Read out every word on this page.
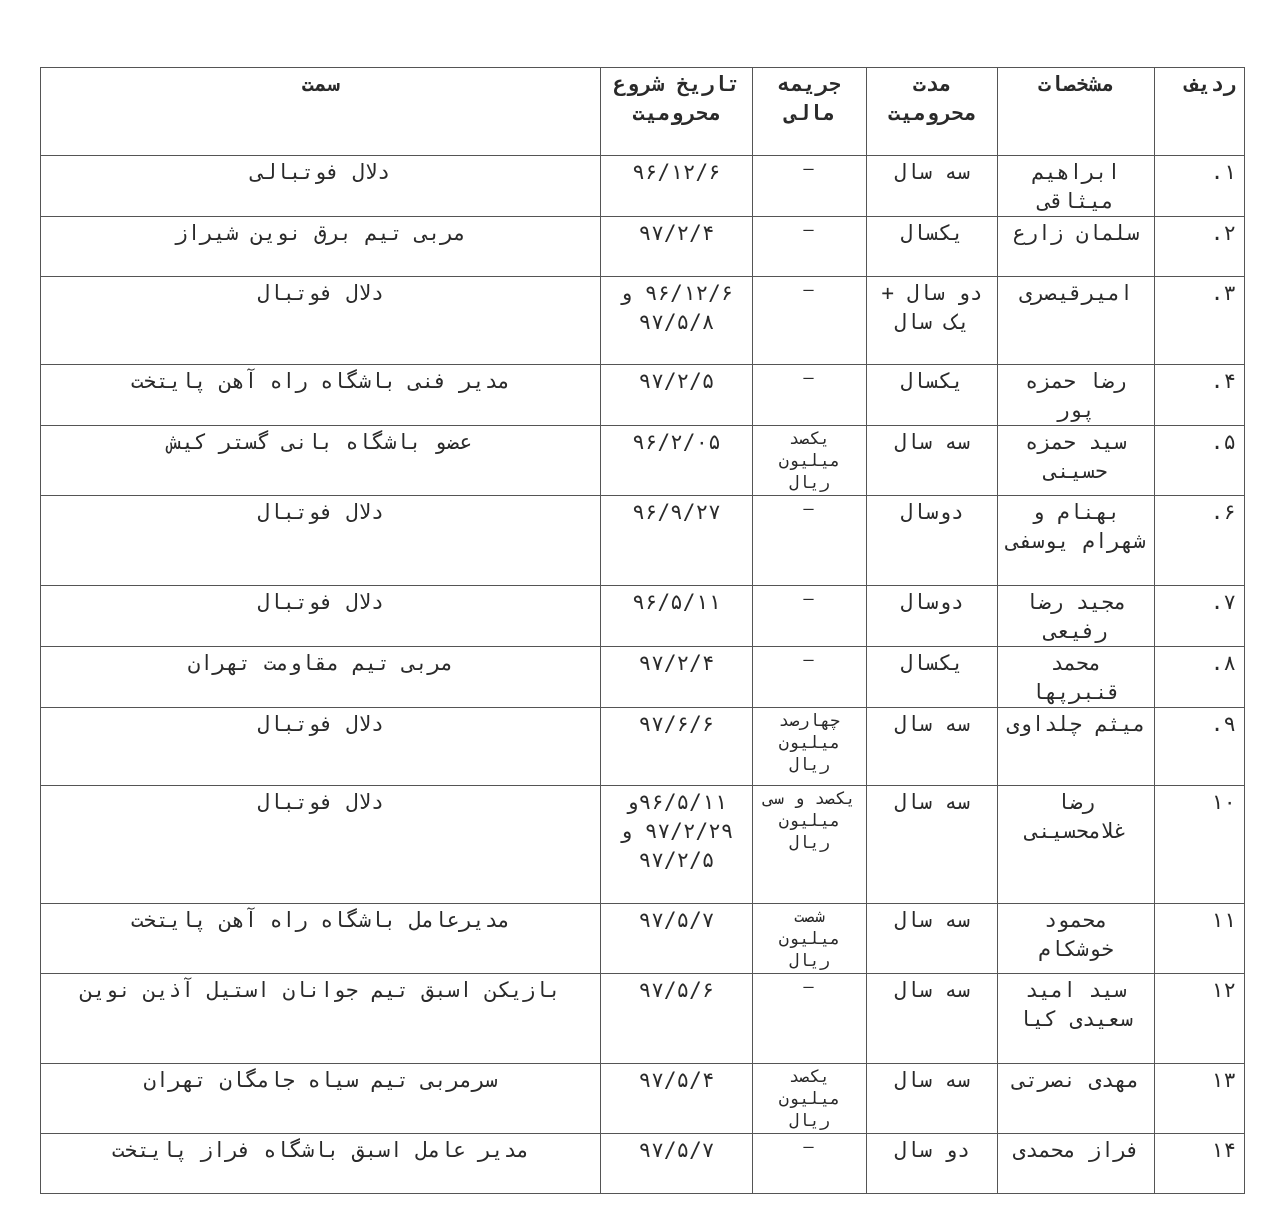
ردیف	مشخصات	مدت محرومیت	جریمه مالی	تاریخ شروع محرومیت	سمت
۱.	ابراهیم میثاقی	سه سال	–	۹۶/۱۲/۶	دلال فوتبالی
۲.	سلمان زارع	یکسال	–	۹۷/۲/۴	مربی تیم برق نوین شیراز
۳.	امیرقیصری	دو سال + یک سال	–	۹۶/۱۲/۶ و ۹۷/۵/۸	دلال فوتبال
۴.	رضا حمزه پور	یکسال	–	۹۷/۲/۵	مدیر فنی باشگاه راه آهن پایتخت
۵.	سید حمزه حسینی	سه سال	یکصد میلیون ریال	۹۶/۲/۰۵	عضو باشگاه بانی گستر کیش
۶.	بهنام و شهرام یوسفی	دوسال	–	۹۶/۹/۲۷	دلال فوتبال
۷.	مجید رضا رفیعی	دوسال	–	۹۶/۵/۱۱	دلال فوتبال
۸.	محمد قنبرپها	یکسال	–	۹۷/۲/۴	مربی تیم مقاومت تهران
۹.	میثم چلداوی	سه سال	چهارصد میلیون ریال	۹۷/۶/۶	دلال فوتبال
۱۰	رضا غلامحسینی	سه سال	یکصد و سی میلیون ریال	۹۶/۵/۱۱و ۹۷/۲/۲۹ و ۹۷/۲/۵	دلال فوتبال
۱۱	محمود خوشکام	سه سال	شصت میلیون ریال	۹۷/۵/۷	مدیرعامل باشگاه راه آهن پایتخت
۱۲	سید امید سعیدی کیا	سه سال	–	۹۷/۵/۶	بازیکن اسبق تیم جوانان استیل آذین نوین
۱۳	مهدی نصرتی	سه سال	یکصد میلیون ریال	۹۷/۵/۴	سرمربی تیم سیاه جامگان تهران
۱۴	فراز محمدی	دو سال	–	۹۷/۵/۷	مدیر عامل اسبق باشگاه فراز پایتخت
